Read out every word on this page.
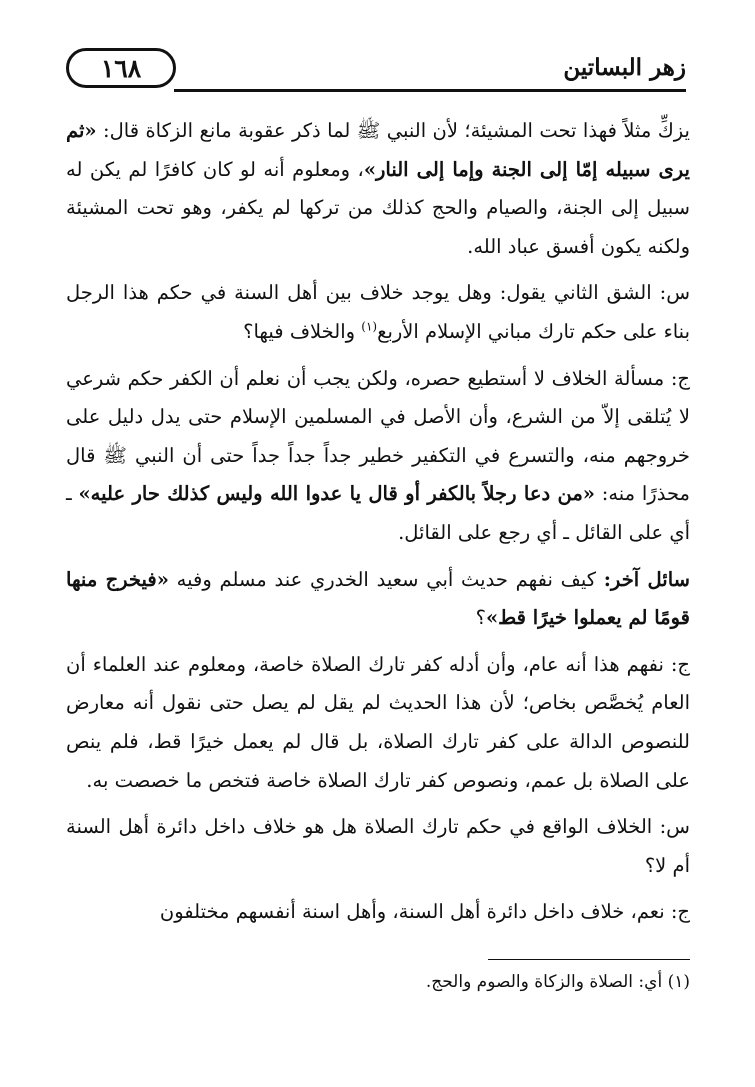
١٦٨	زهر البساتين

يزكِّ مثلاً فهذا تحت المشيئة؛ لأن النبي ﷺ لما ذكر عقوبة مانع الزكاة قال: «ثم يرى سبيله إمّا إلى الجنة وإما إلى النار»، ومعلوم أنه لو كان كافرًا لم يكن له سبيل إلى الجنة، والصيام والحج كذلك من تركها لم يكفر، وهو تحت المشيئة ولكنه يكون أفسق عباد الله.

س: الشق الثاني يقول: وهل يوجد خلاف بين أهل السنة في حكم هذا الرجل بناء على حكم تارك مباني الإسلام الأربع$^{(١)}$ والخلاف فيها؟

ج: مسألة الخلاف لا أستطيع حصره، ولكن يجب أن نعلم أن الكفر حكم شرعي لا يُتلقى إلاّ من الشرع، وأن الأصل في المسلمين الإسلام حتى يدل دليل على خروجهم منه، والتسرع في التكفير خطير جداً جداً جداً حتى أن النبي ﷺ قال محذرًا منه: «من دعا رجلاً بالكفر أو قال يا عدوا الله وليس كذلك حار عليه» ـ أي على القائل ـ أي رجع على القائل.

سائل آخر: كيف نفهم حديث أبي سعيد الخدري عند مسلم وفيه «فيخرج منها قومًا لم يعملوا خيرًا قط»؟

ج: نفهم هذا أنه عام، وأن أدله كفر تارك الصلاة خاصة، ومعلوم عند العلماء أن العام يُخصَّص بخاص؛ لأن هذا الحديث لم يقل لم يصل حتى نقول أنه معارض للنصوص الدالة على كفر تارك الصلاة، بل قال لم يعمل خيرًا قط، فلم ينص على الصلاة بل عمم، ونصوص كفر تارك الصلاة خاصة فتخص ما خصصت به.

س: الخلاف الواقع في حكم تارك الصلاة هل هو خلاف داخل دائرة أهل السنة أم لا؟

ج: نعم، خلاف داخل دائرة أهل السنة، وأهل اسنة أنفسهم مختلفون

(١) أي: الصلاة والزكاة والصوم والحج.
